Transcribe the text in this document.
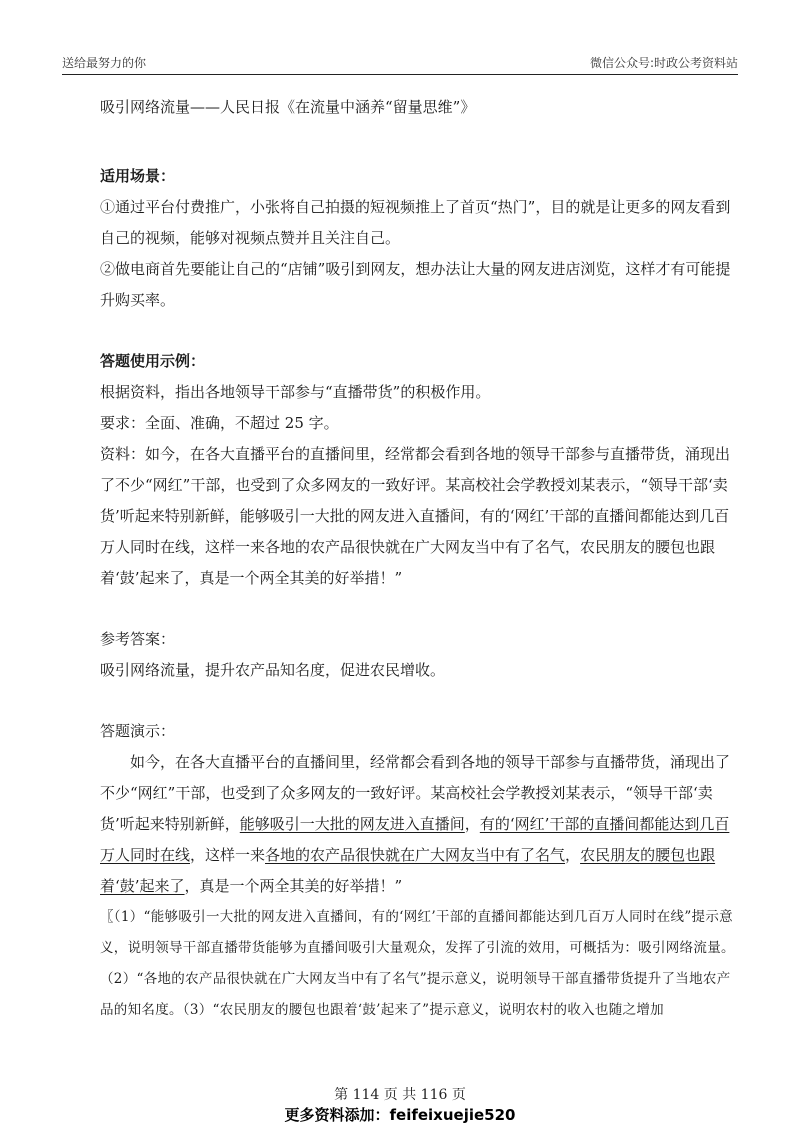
送给最努力的你	微信公众号:时政公考资料站

吸引网络流量——人民日报《在流量中涵养“留量思维”》

适用场景：

①通过平台付费推广，小张将自己拍摄的短视频推上了首页“热门”，目的就是让更多的网友看到自己的视频，能够对视频点赞并且关注自己。

②做电商首先要能让自己的“店铺”吸引到网友，想办法让大量的网友进店浏览，这样才有可能提升购买率。

答题使用示例：

根据资料，指出各地领导干部参与“直播带货”的积极作用。

要求：全面、准确，不超过 25 字。

资料：如今，在各大直播平台的直播间里，经常都会看到各地的领导干部参与直播带货，涌现出了不少“网红”干部，也受到了众多网友的一致好评。某高校社会学教授刘某表示，“领导干部‘卖货’听起来特别新鲜，能够吸引一大批的网友进入直播间，有的‘网红’干部的直播间都能达到几百万人同时在线，这样一来各地的农产品很快就在广大网友当中有了名气，农民朋友的腰包也跟着‘鼓’起来了，真是一个两全其美的好举措！”

参考答案：

吸引网络流量，提升农产品知名度，促进农民增收。

答题演示：

如今，在各大直播平台的直播间里，经常都会看到各地的领导干部参与直播带货，涌现出了不少“网红”干部，也受到了众多网友的一致好评。某高校社会学教授刘某表示，“领导干部‘卖货’听起来特别新鲜，能够吸引一大批的网友进入直播间，有的‘网红’干部的直播间都能达到几百万人同时在线，这样一来各地的农产品很快就在广大网友当中有了名气，农民朋友的腰包也跟着‘鼓’起来了，真是一个两全其美的好举措！”

〖（1）“能够吸引一大批的网友进入直播间，有的‘网红’干部的直播间都能达到几百万人同时在线”提示意义，说明领导干部直播带货能够为直播间吸引大量观众，发挥了引流的效用，可概括为：吸引网络流量。（2）“各地的农产品很快就在广大网友当中有了名气”提示意义，说明领导干部直播带货提升了当地农产品的知名度。（3）“农民朋友的腰包也跟着‘鼓’起来了”提示意义，说明农村的收入也随之增加

第 114 页 共 116 页
更多资料添加：feifeixuejie520
